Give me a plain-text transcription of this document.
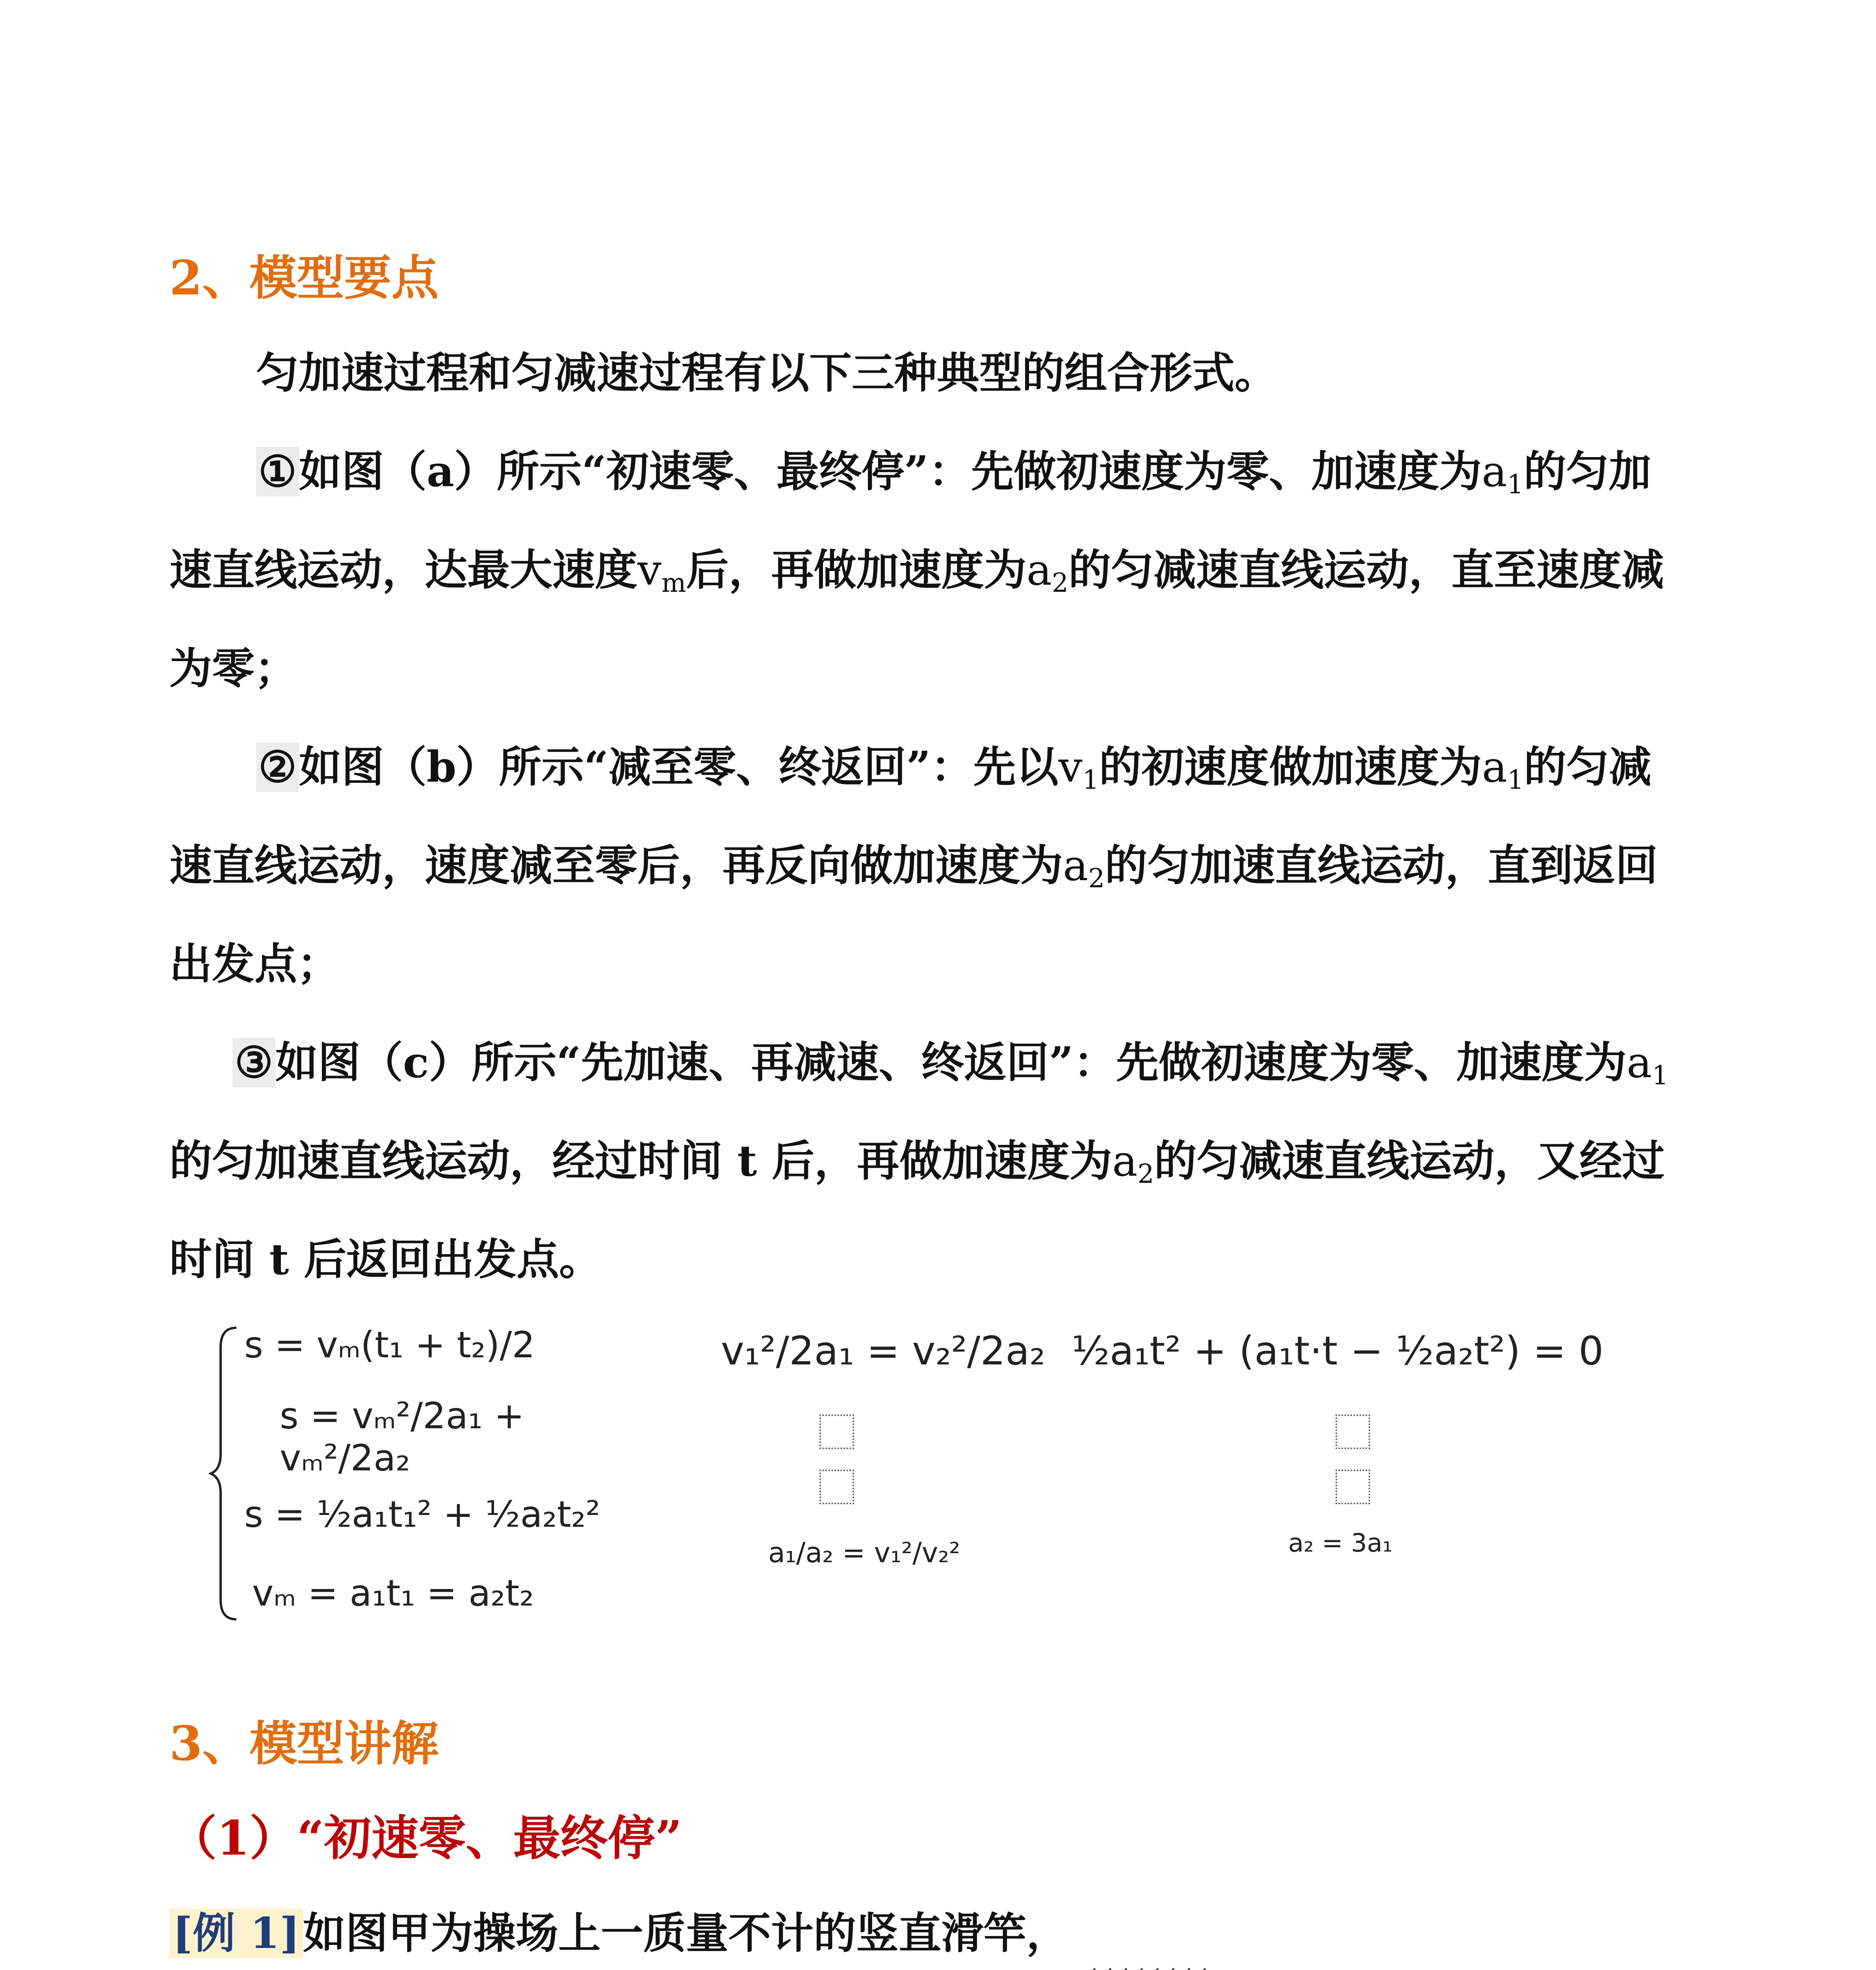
2、模型要点
匀加速过程和匀减速过程有以下三种典型的组合形式。
①如图（a）所示“初速零、最终停”：先做初速度为零、加速度为$a_1$的匀加
速直线运动，达最大速度$v_m$后，再做加速度为$a_2$的匀减速直线运动，直至速度减
为零；
②如图（b）所示“减至零、终返回”：先以$v_1$的初速度做加速度为$a_1$的匀减
速直线运动，速度减至零后，再反向做加速度为$a_2$的匀加速直线运动，直到返回
出发点；
③如图（c）所示“先加速、再减速、终返回”：先做初速度为零、加速度为$a_1$
的匀加速直线运动，经过时间 t 后，再做加速度为$a_2$的匀减速直线运动，又经过
时间 t 后返回出发点。
s = vₘ(t₁ + t₂)/2
s = vₘ²/2a₁ + vₘ²/2a₂
s = ½a₁t₁² + ½a₂t₂²
vₘ = a₁t₁ = a₂t₂
v₁²/2a₁ = v₂²/2a₂
a₁/a₂ = v₁²/v₂²
½a₁t² + (a₁t·t − ½a₂t²) = 0
a₂ = 3a₁
3、模型讲解
（1）“初速零、最终停”
[例 1]如图甲为操场上一质量不计的竖直滑竿，
